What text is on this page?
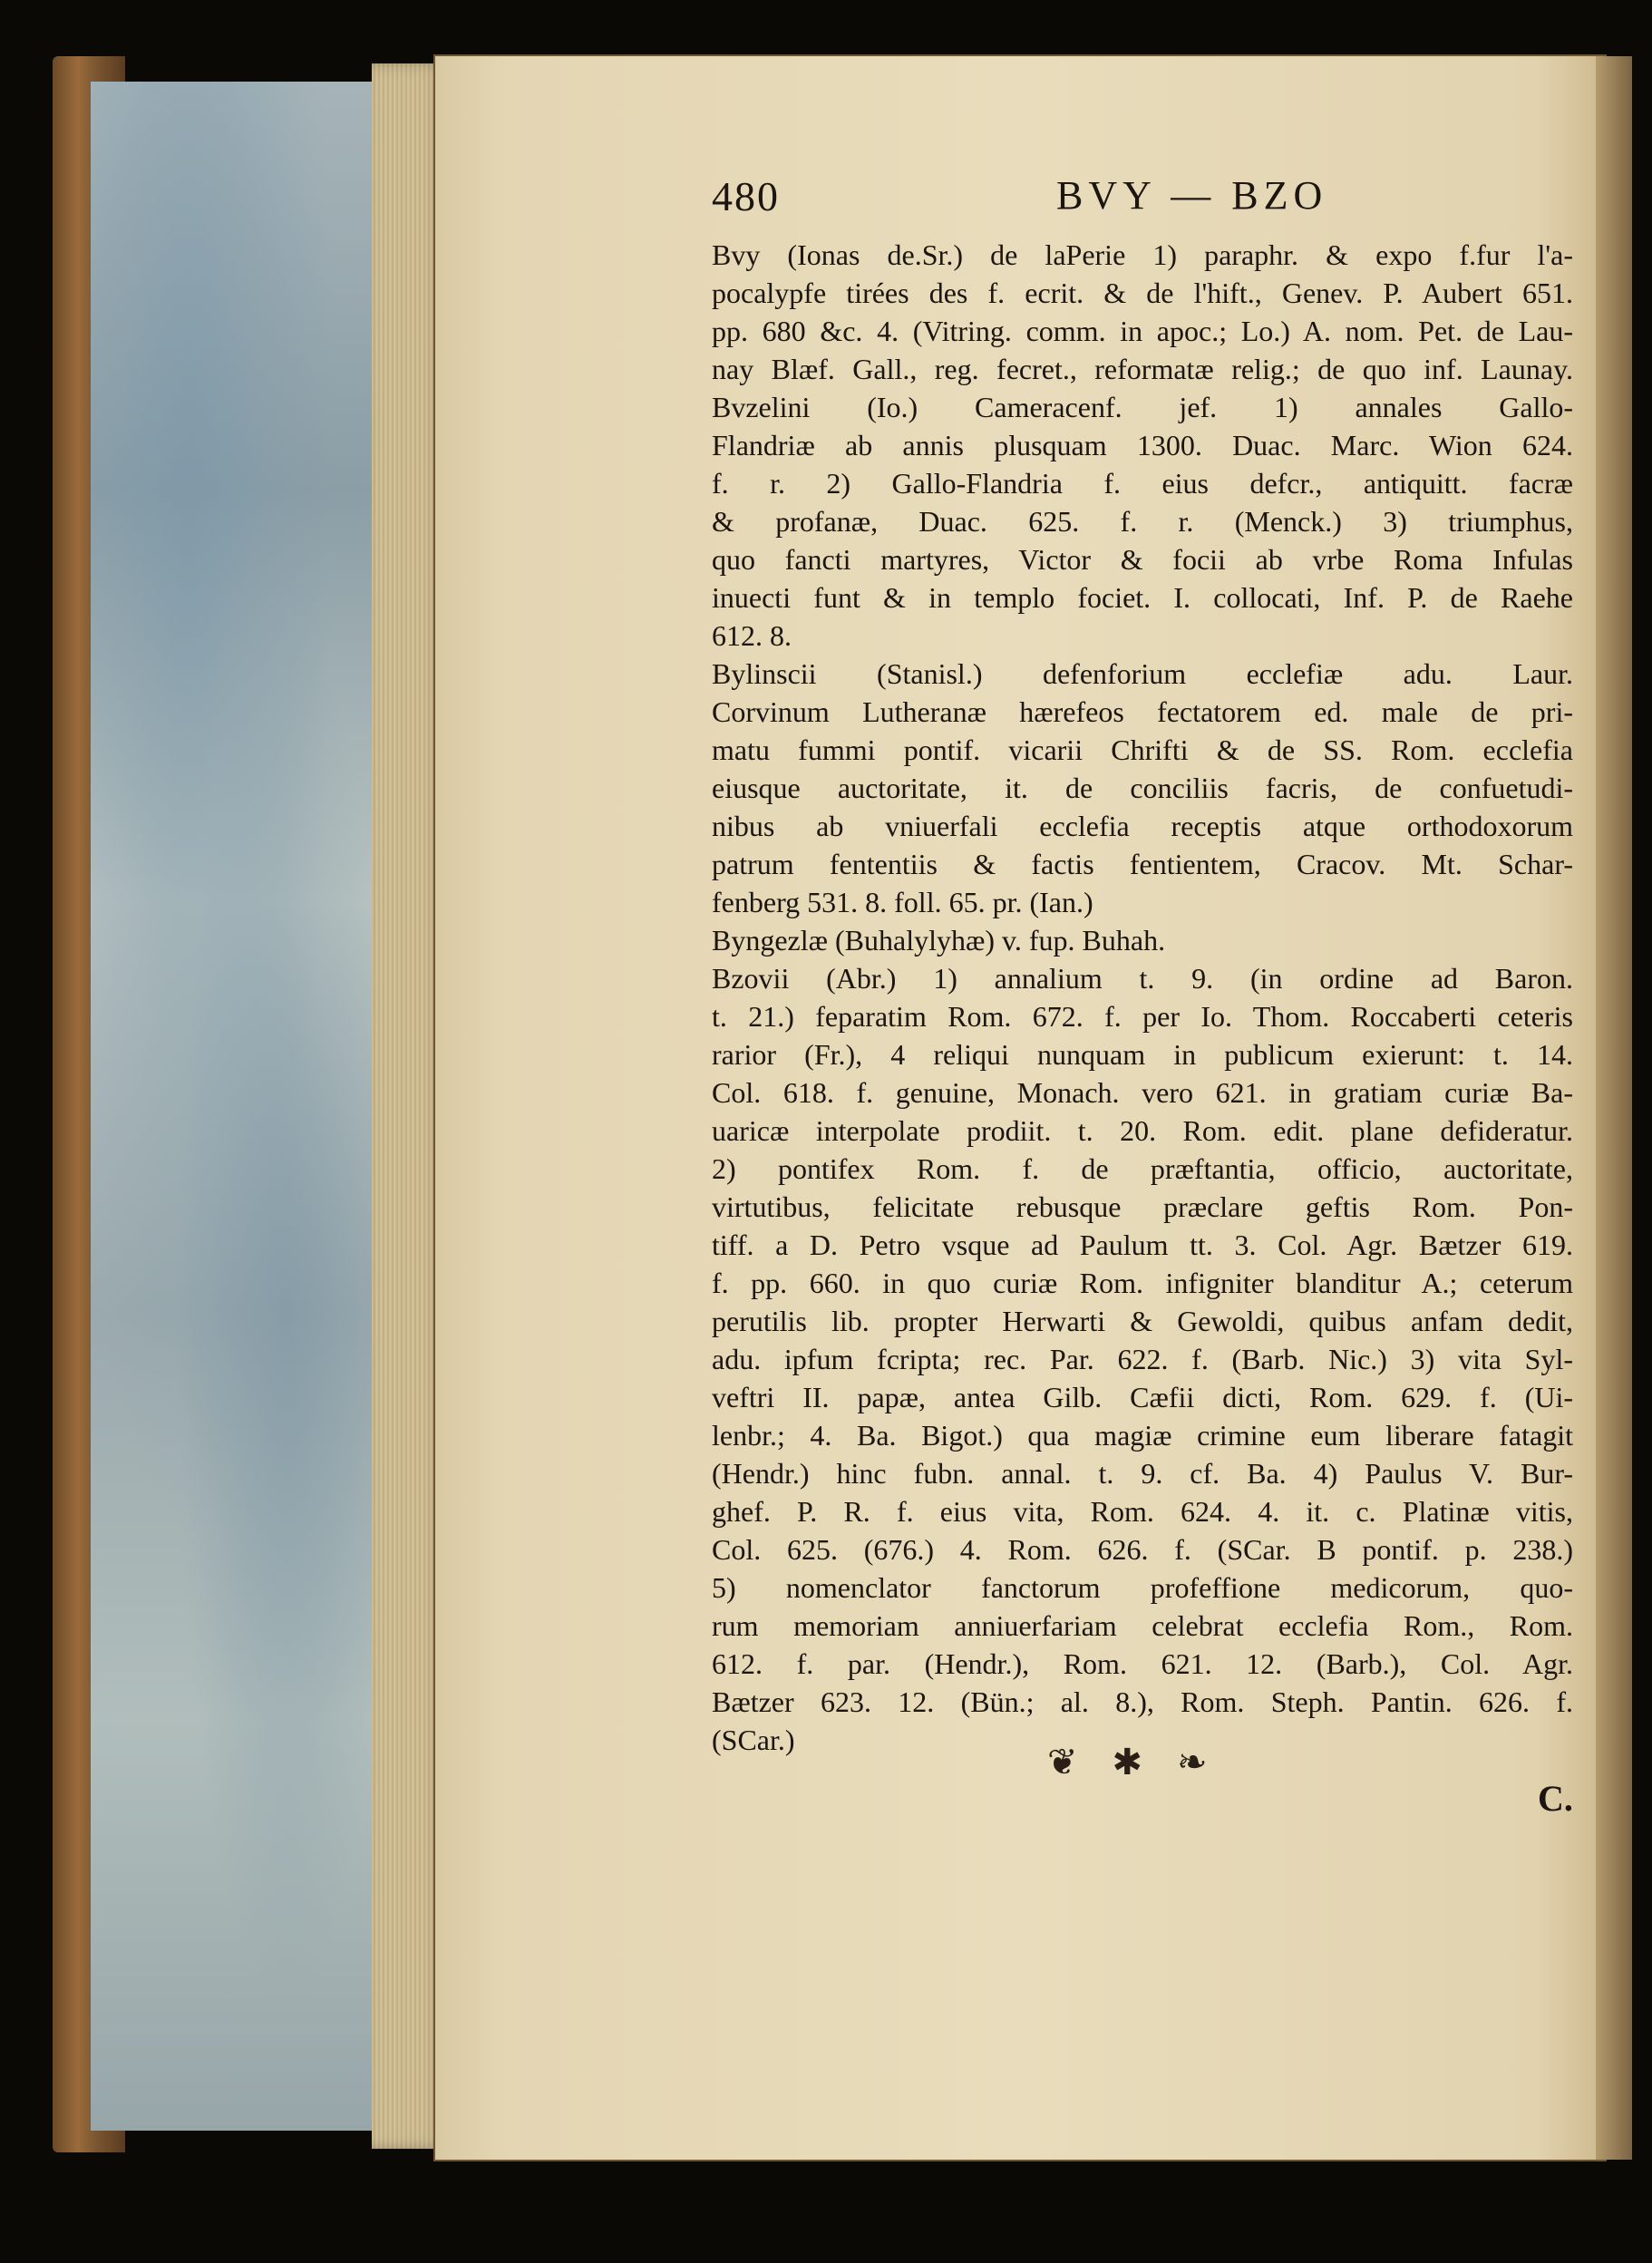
480	BVY — BZO
Bvy (Ionas de.Sr.) de laPerie 1) paraphr. & expo f.fur l'a-
pocalypfe tirées des f. ecrit. & de l'hift., Genev. P. Aubert 651.
pp. 680 &c. 4. (Vitring. comm. in apoc.; Lo.) A. nom. Pet. de Lau-
nay Blæf. Gall., reg. fecret., reformatæ relig.; de quo inf. Launay.
Bvzelini (Io.) Cameracenf. jef. 1) annales Gallo-
Flandriæ ab annis plusquam 1300. Duac. Marc. Wion 624.
f. r. 2) Gallo-Flandria f. eius defcr., antiquitt. facræ
& profanæ, Duac. 625. f. r. (Menck.) 3) triumphus,
quo fancti martyres, Victor & focii ab vrbe Roma Infulas
inuecti funt & in templo fociet. I. collocati, Inf. P. de Raehe
612. 8.
Bylinscii (Stanisl.) defenforium ecclefiæ adu. Laur.
Corvinum Lutheranæ hærefeos fectatorem ed. male de pri-
matu fummi pontif. vicarii Chrifti & de SS. Rom. ecclefia
eiusque auctoritate, it. de conciliis facris, de confuetudi-
nibus ab vniuerfali ecclefia receptis atque orthodoxorum
patrum fententiis & factis fentientem, Cracov. Mt. Schar-
fenberg 531. 8. foll. 65. pr. (Ian.)
Byngezlæ (Buhalylyhæ) v. fup. Buhah.
Bzovii (Abr.) 1) annalium t. 9. (in ordine ad Baron.
t. 21.) feparatim Rom. 672. f. per Io. Thom. Roccaberti ceteris
rarior (Fr.), 4 reliqui nunquam in publicum exierunt: t. 14.
Col. 618. f. genuine, Monach. vero 621. in gratiam curiæ Ba-
uaricæ interpolate prodiit. t. 20. Rom. edit. plane defideratur.
2) pontifex Rom. f. de præftantia, officio, auctoritate,
virtutibus, felicitate rebusque præclare geftis Rom. Pon-
tiff. a D. Petro vsque ad Paulum tt. 3. Col. Agr. Bætzer 619.
f. pp. 660. in quo curiæ Rom. infigniter blanditur A.; ceterum
perutilis lib. propter Herwarti & Gewoldi, quibus anfam dedit,
adu. ipfum fcripta; rec. Par. 622. f. (Barb. Nic.) 3) vita Syl-
veftri II. papæ, antea Gilb. Cæfii dicti, Rom. 629. f. (Ui-
lenbr.; 4. Ba. Bigot.) qua magiæ crimine eum liberare fatagit
(Hendr.) hinc fubn. annal. t. 9. cf. Ba. 4) Paulus V. Bur-
ghef. P. R. f. eius vita, Rom. 624. 4. it. c. Platinæ vitis,
Col. 625. (676.) 4. Rom. 626. f. (SCar. B pontif. p. 238.)
5) nomenclator fanctorum profeffione medicorum, quo-
rum memoriam anniuerfariam celebrat ecclefia Rom., Rom.
612. f. par. (Hendr.), Rom. 621. 12. (Barb.), Col. Agr.
Bætzer 623. 12. (Bün.; al. 8.), Rom. Steph. Pantin. 626. f.
(SCar.)
❦ ✱ ❧
C.
